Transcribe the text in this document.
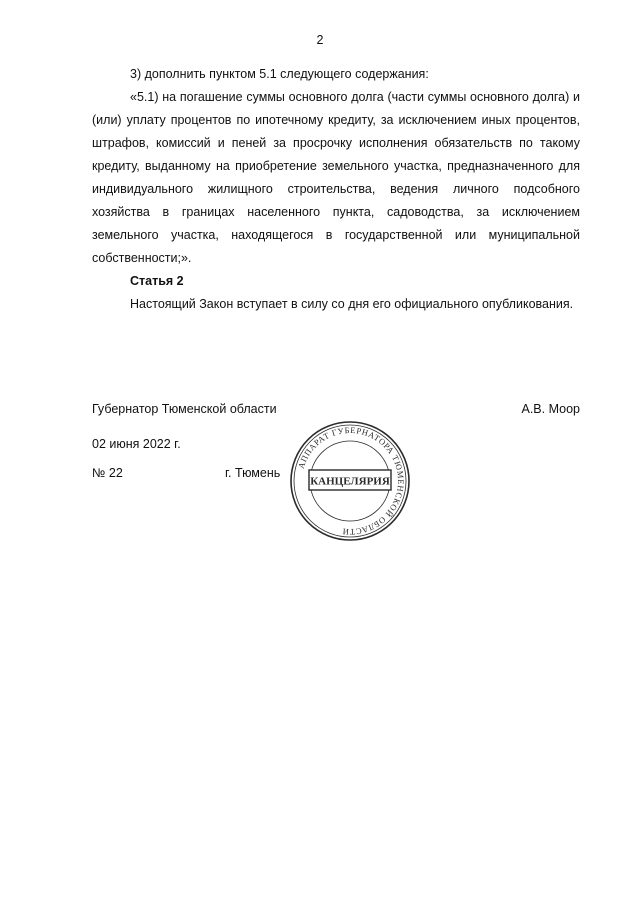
2

3) дополнить пунктом 5.1 следующего содержания:

«5.1) на погашение суммы основного долга (части суммы основного долга) и (или) уплату процентов по ипотечному кредиту, за исключением иных процентов, штрафов, комиссий и пеней за просрочку исполнения обязательств по такому кредиту, выданному на приобретение земельного участка, предназначенного для индивидуального жилищного строительства, ведения личного подсобного хозяйства в границах населенного пункта, садоводства, за исключением земельного участка, находящегося в государственной или муниципальной собственности;».

Статья 2

Настоящий Закон вступает в силу со дня его официального опубликования.

Губернатор Тюменской области	А.В. Моор
02 июня 2022 г.
№ 22	г. Тюмень
АППАРАТ ГУБЕРНАТОРА ТЮМЕНСКОЙ ОБЛАСТИ
КАНЦЕЛЯРИЯ
